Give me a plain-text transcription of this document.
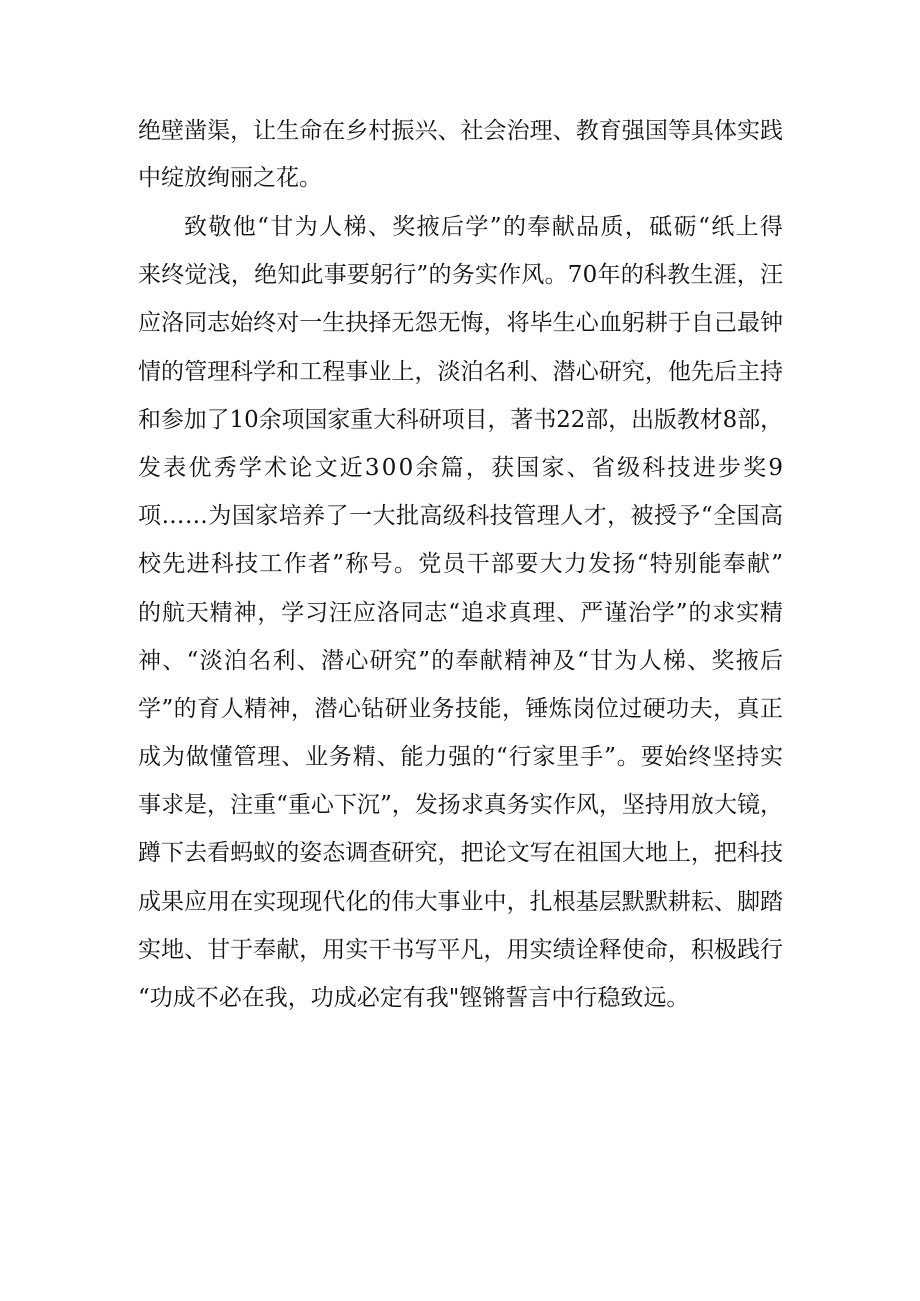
绝壁凿渠，让生命在乡村振兴、社会治理、教育强国等具体实践
中绽放绚丽之花。
致敬他“甘为人梯、奖掖后学”的奉献品质，砥砺“纸上得
来终觉浅，绝知此事要躬行”的务实作风。70年的科教生涯，汪
应洛同志始终对一生抉择无怨无悔，将毕生心血躬耕于自己最钟
情的管理科学和工程事业上，淡泊名利、潜心研究，他先后主持
和参加了10余项国家重大科研项目，著书22部，出版教材8部，
发表优秀学术论文近300余篇，获国家、省级科技进步奖9
项……为国家培养了一大批高级科技管理人才，被授予“全国高
校先进科技工作者”称号。党员干部要大力发扬“特别能奉献”
的航天精神，学习汪应洛同志“追求真理、严谨治学”的求实精
神、“淡泊名利、潜心研究”的奉献精神及“甘为人梯、奖掖后
学”的育人精神，潜心钻研业务技能，锤炼岗位过硬功夫，真正
成为做懂管理、业务精、能力强的“行家里手”。要始终坚持实
事求是，注重“重心下沉”，发扬求真务实作风，坚持用放大镜，
蹲下去看蚂蚁的姿态调查研究，把论文写在祖国大地上，把科技
成果应用在实现现代化的伟大事业中，扎根基层默默耕耘、脚踏
实地、甘于奉献，用实干书写平凡，用实绩诠释使命，积极践行
“功成不必在我，功成必定有我"铿锵誓言中行稳致远。
